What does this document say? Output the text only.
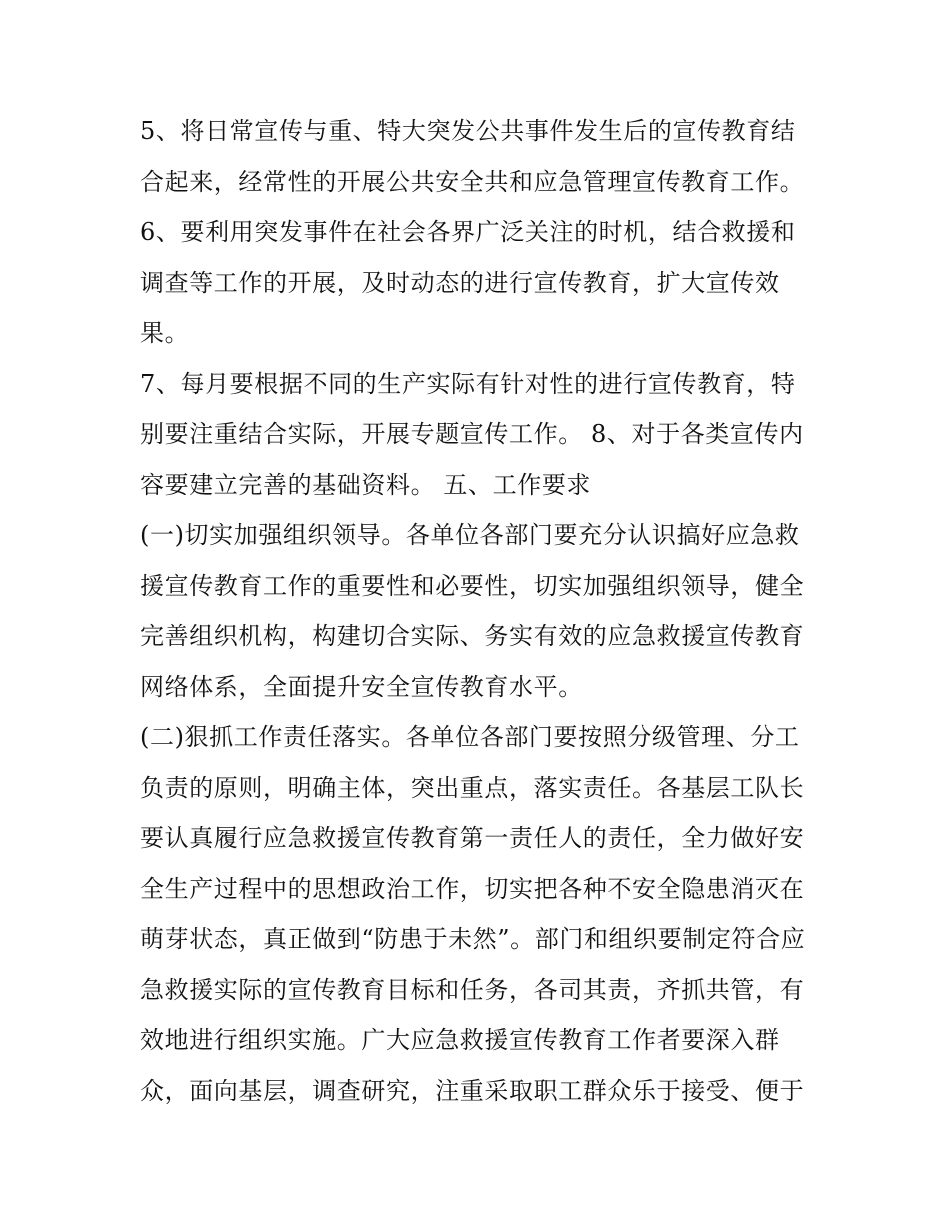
5、将日常宣传与重、特大突发公共事件发生后的宣传教育结
合起来，经常性的开展公共安全共和应急管理宣传教育工作。
6、要利用突发事件在社会各界广泛关注的时机，结合救援和
调查等工作的开展，及时动态的进行宣传教育，扩大宣传效
果。
7、每月要根据不同的生产实际有针对性的进行宣传教育，特
别要注重结合实际，开展专题宣传工作。 8、对于各类宣传内
容要建立完善的基础资料。 五、工作要求
(一)切实加强组织领导。各单位各部门要充分认识搞好应急救
援宣传教育工作的重要性和必要性，切实加强组织领导，健全
完善组织机构，构建切合实际、务实有效的应急救援宣传教育
网络体系，全面提升安全宣传教育水平。
(二)狠抓工作责任落实。各单位各部门要按照分级管理、分工
负责的原则，明确主体，突出重点，落实责任。各基层工队长
要认真履行应急救援宣传教育第一责任人的责任，全力做好安
全生产过程中的思想政治工作，切实把各种不安全隐患消灭在
萌芽状态，真正做到“防患于未然”。部门和组织要制定符合应
急救援实际的宣传教育目标和任务，各司其责，齐抓共管，有
效地进行组织实施。广大应急救援宣传教育工作者要深入群
众，面向基层，调查研究，注重采取职工群众乐于接受、便于
